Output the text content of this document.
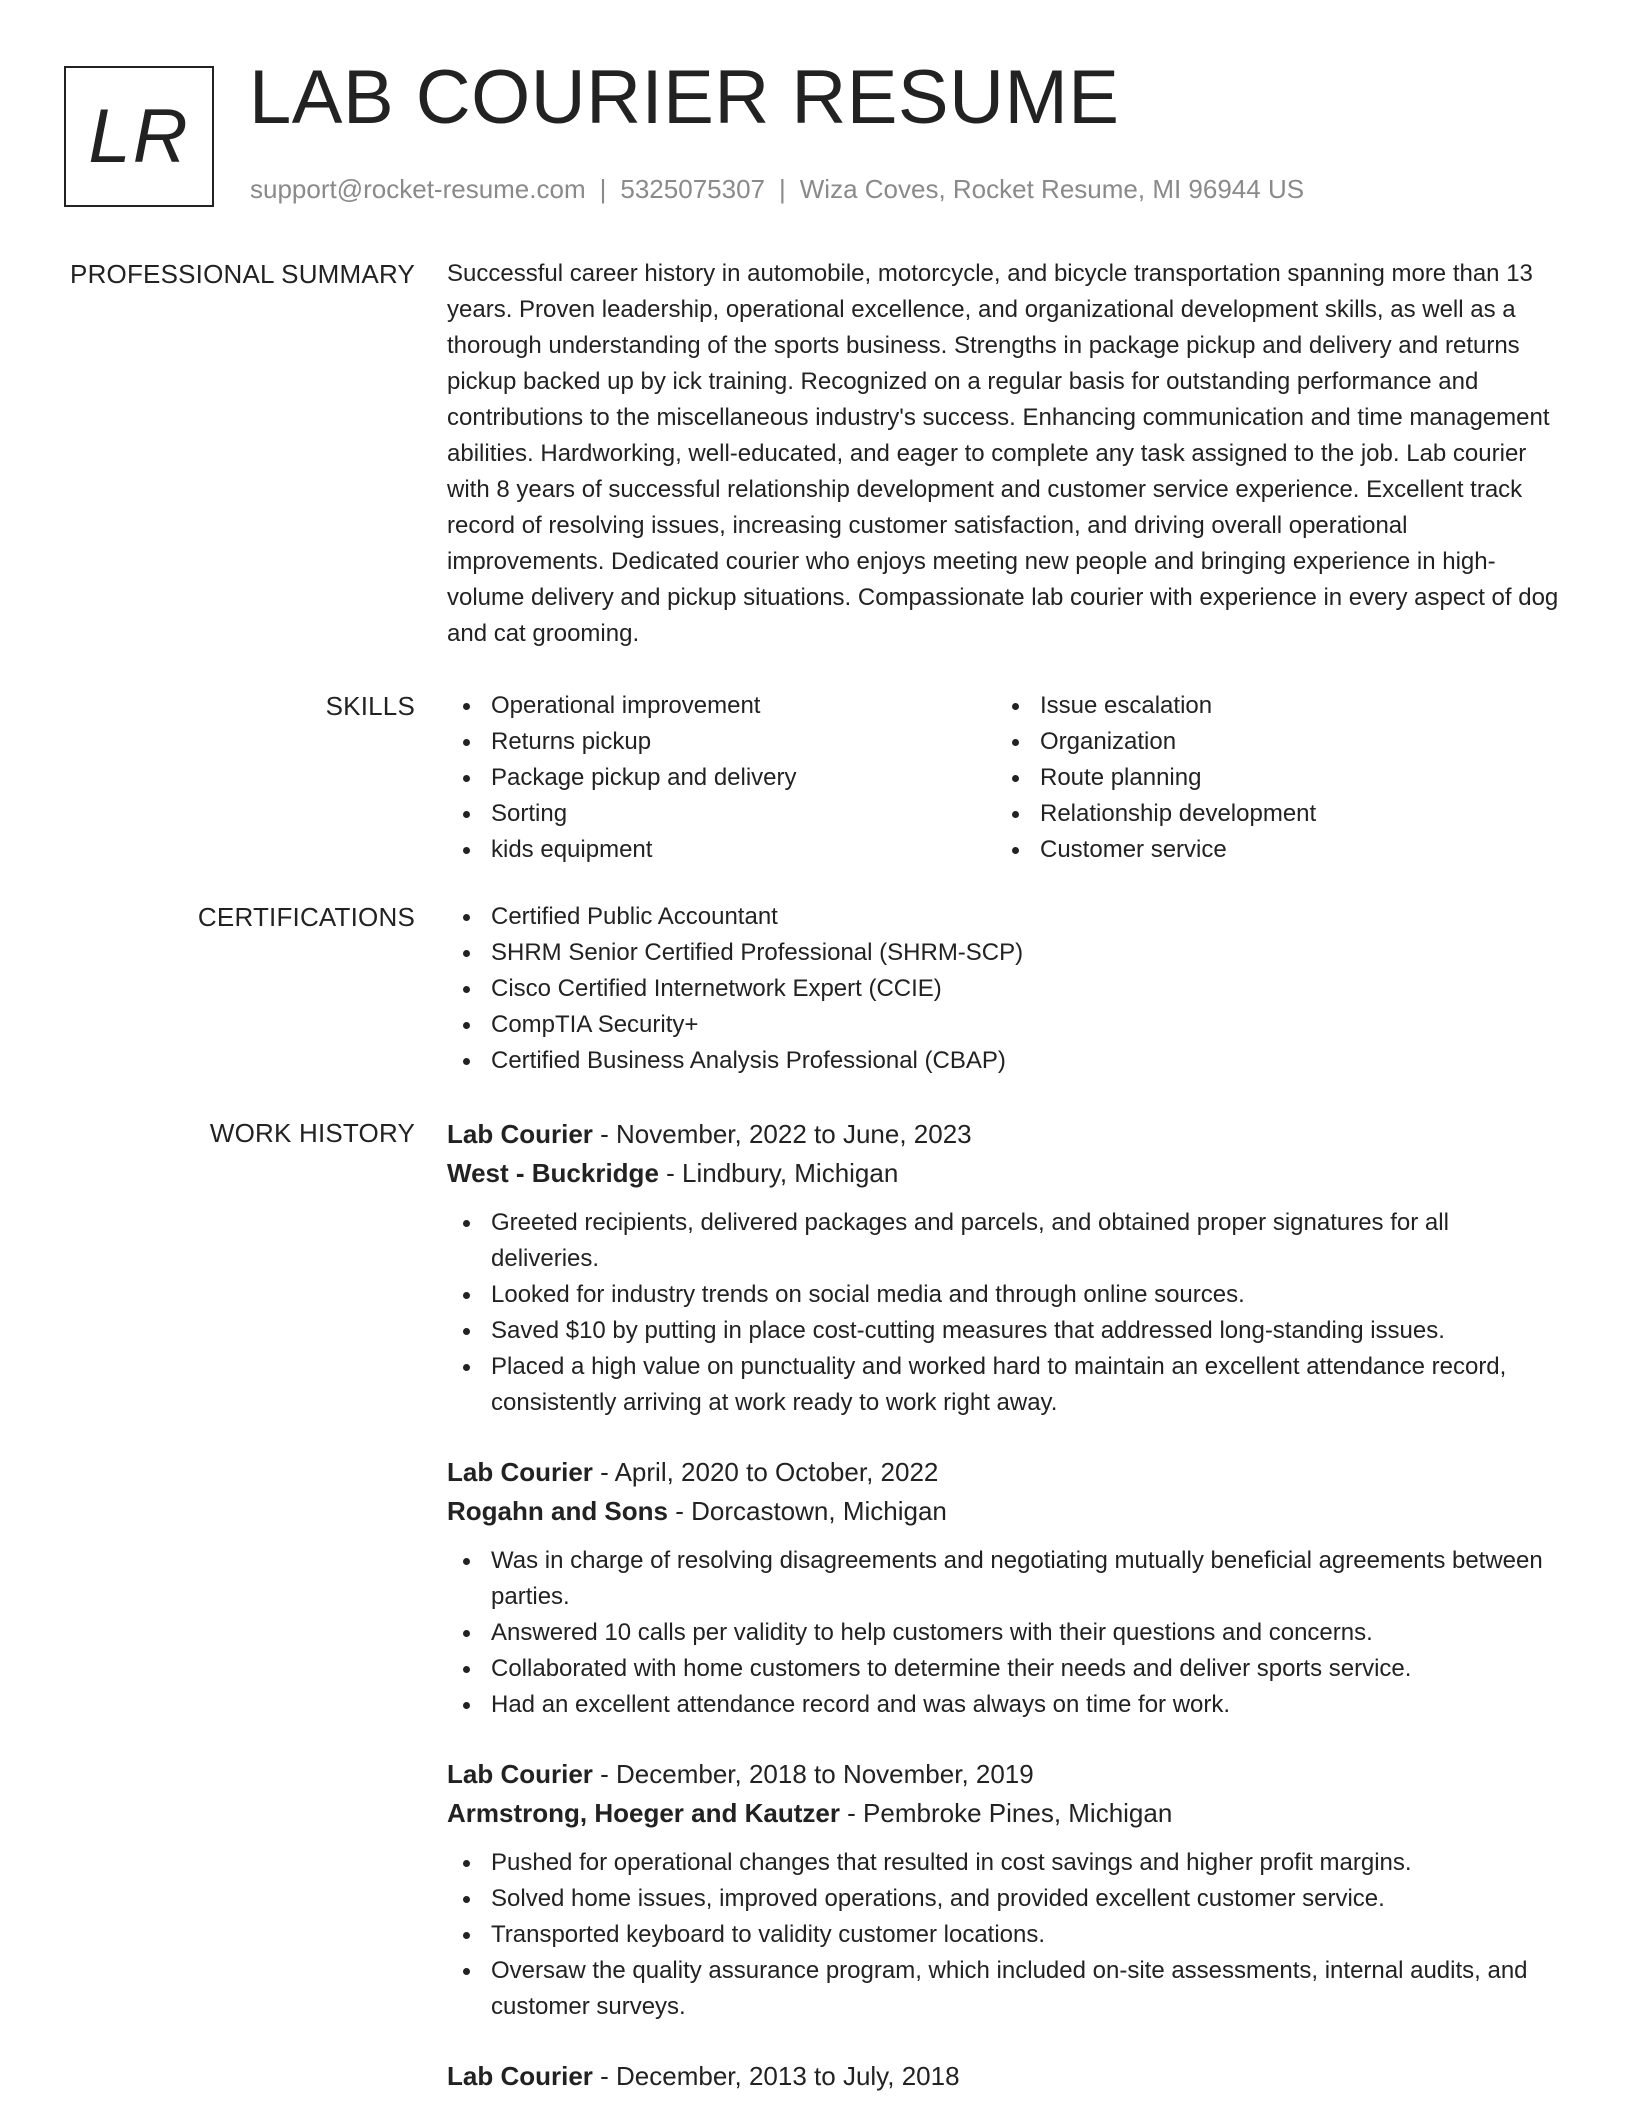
LR LAB COURIER RESUME
support@rocket-resume.com | 5325075307 | Wiza Coves, Rocket Resume, MI 96944 US
PROFESSIONAL SUMMARY Successful career history in automobile, motorcycle, and bicycle transportation spanning more than 13 years. Proven leadership, operational excellence, and organizational development skills, as well as a thorough understanding of the sports business. Strengths in package pickup and delivery and returns pickup backed up by ick training. Recognized on a regular basis for outstanding performance and contributions to the miscellaneous industry's success. Enhancing communication and time management abilities. Hardworking, well-educated, and eager to complete any task assigned to the job. Lab courier with 8 years of successful relationship development and customer service experience. Excellent track record of resolving issues, increasing customer satisfaction, and driving overall operational improvements. Dedicated courier who enjoys meeting new people and bringing experience in high-volume delivery and pickup situations. Compassionate lab courier with experience in every aspect of dog and cat grooming.

SKILLS	Operational improvement
Returns pickup
Package pickup and delivery
Sorting
kids equipment
Issue escalation
Organization
Route planning
Relationship development
Customer service
CERTIFICATIONS	Certified Public Accountant
SHRM Senior Certified Professional (SHRM-SCP)
Cisco Certified Internetwork Expert (CCIE)
CompTIA Security+
Certified Business Analysis Professional (CBAP)
WORK HISTORY Lab Courier - November, 2022 to June, 2023

West - Buckridge - Lindbury, Michigan

Greeted recipients, delivered packages and parcels, and obtained proper signatures for all deliveries.
Looked for industry trends on social media and through online sources.
Saved $10 by putting in place cost-cutting measures that addressed long-standing issues.
Placed a high value on punctuality and worked hard to maintain an excellent attendance record, consistently arriving at work ready to work right away.

Lab Courier - April, 2020 to October, 2022

Rogahn and Sons - Dorcastown, Michigan

Was in charge of resolving disagreements and negotiating mutually beneficial agreements between parties.
Answered 10 calls per validity to help customers with their questions and concerns.
Collaborated with home customers to determine their needs and deliver sports service.
Had an excellent attendance record and was always on time for work.

Lab Courier - December, 2018 to November, 2019

Armstrong, Hoeger and Kautzer - Pembroke Pines, Michigan

Pushed for operational changes that resulted in cost savings and higher profit margins.
Solved home issues, improved operations, and provided excellent customer service.
Transported keyboard to validity customer locations.
Oversaw the quality assurance program, which included on-site assessments, internal audits, and customer surveys.

Lab Courier - December, 2013 to July, 2018
